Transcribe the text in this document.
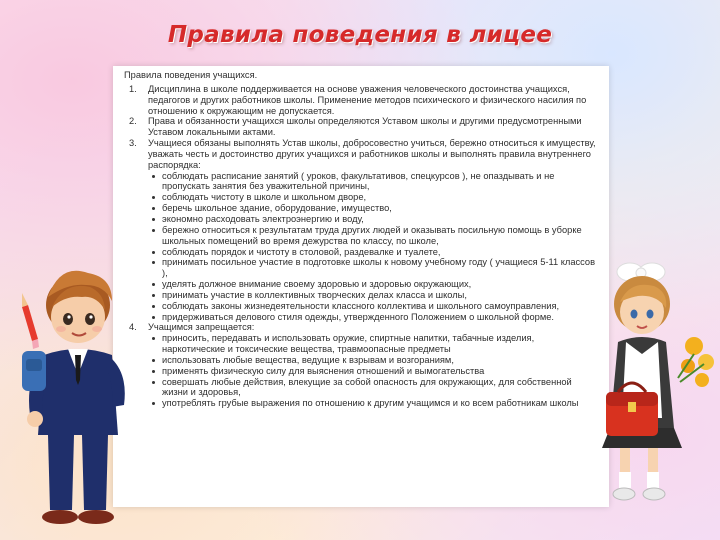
Правила поведения в лицее
Правила поведения учащихся.
1. Дисциплина в школе поддерживается на основе уважения человеческого достоинства учащихся, педагогов и других работников школы. Применение методов психического и физического насилия по отношению к окружающим не допускается.
2. Права и обязанности учащихся школы определяются Уставом школы и другими предусмотренными Уставом локальными актами.
3. Учащиеся обязаны выполнять Устав школы, добросовестно учиться, бережно относиться к имуществу, уважать честь и достоинство других учащихся и работников школы и выполнять правила внутреннего распорядка:
соблюдать расписание занятий ( уроков, факультативов, спецкурсов ), не опаздывать и не пропускать занятия без уважительной причины,
соблюдать чистоту в школе и школьном дворе,
беречь школьное здание, оборудование, имущество,
экономно расходовать электроэнергию и воду,
бережно относиться к результатам труда других людей и оказывать посильную помощь в уборке школьных помещений во время дежурства по классу, по школе,
соблюдать порядок и чистоту в столовой, раздевалке и туалете,
принимать посильное участие в подготовке школы к новому учебному году ( учащиеся 5-11 классов ),
уделять должное внимание своему здоровью и здоровью окружающих,
принимать участие в коллективных творческих делах класса и школы,
соблюдать законы жизнедеятельности классного коллектива и школьного самоуправления,
придерживаться делового стиля одежды, утвержденного Положением о школьной форме.
4. Учащимся запрещается:
приносить, передавать и использовать оружие, спиртные напитки, табачные изделия, наркотические и токсические вещества, травмоопасные предметы
использовать любые вещества, ведущие к взрывам и возгораниям,
применять физическую силу для выяснения отношений и вымогательства
совершать любые действия, влекущие за собой опасность для окружающих, для собственной жизни и здоровья,
употреблять грубые выражения по отношению к другим учащимся и ко всем работникам школы
